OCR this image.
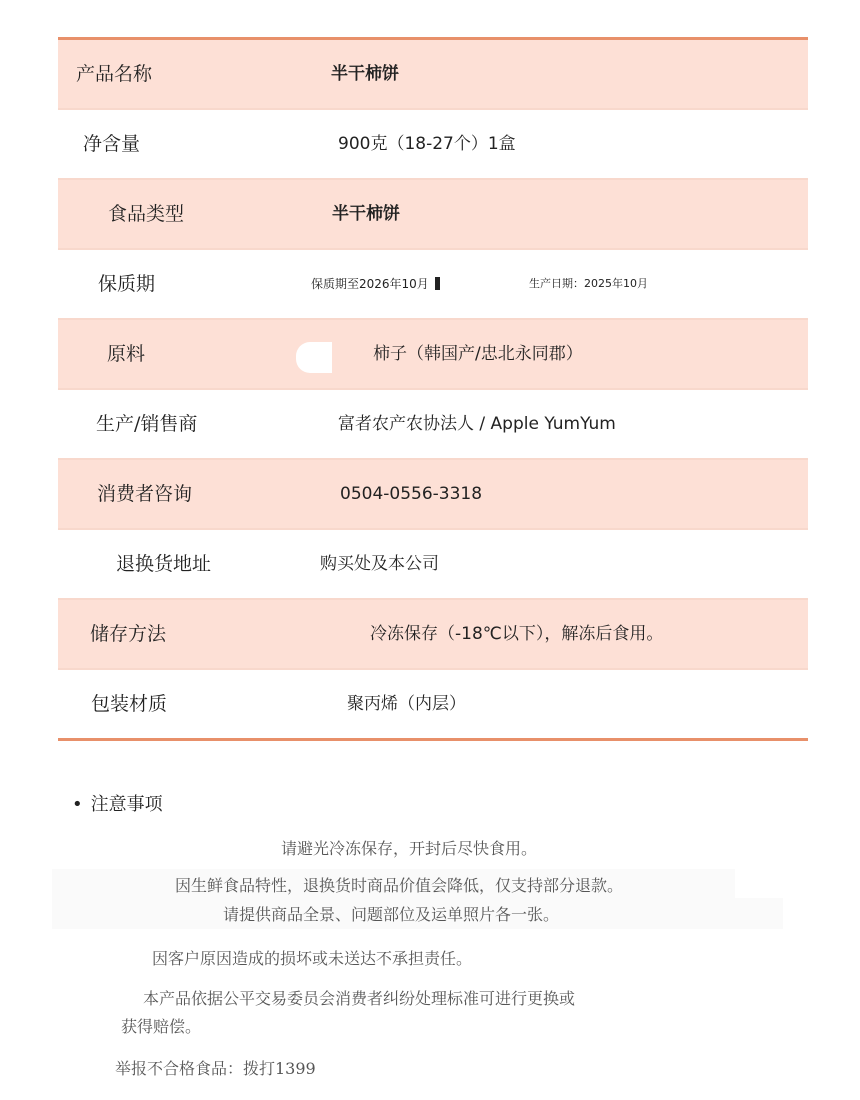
产品名称	半干柿饼
净含量	900克（18-27个）1盒
食品类型	半干柿饼
保质期	保质期至2026年10月	生产日期：2025年10月
原料	柿子（韩国产/忠北永同郡）
生产/销售商	富者农产农协法人 / Apple YumYum
消费者咨询	0504-0556-3318
退换货地址	购买处及本公司
储存方法	冷冻保存（-18℃以下），解冻后食用。
包装材质	聚丙烯（内层）
• 注意事项
请避光冷冻保存，开封后尽快食用。
因生鲜食品特性，退换货时商品价值会降低，仅支持部分退款。
请提供商品全景、问题部位及运单照片各一张。
因客户原因造成的损坏或未送达不承担责任。
本产品依据公平交易委员会消费者纠纷处理标准可进行更换或
获得赔偿。
举报不合格食品：拨打1399
